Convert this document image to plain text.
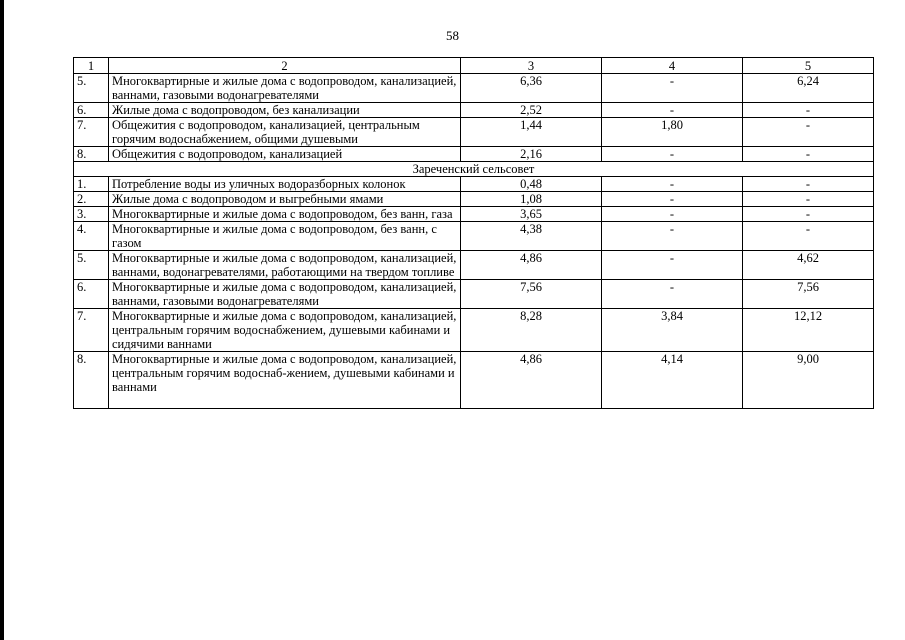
58
1	2	3	4	5
5.	Многоквартирные и жилые дома с водопроводом, канализацией, ваннами, газовыми водонагревателями	6,36	-	6,24
6.	Жилые дома с водопроводом, без канализации	2,52	-	-
7.	Общежития с водопроводом, канализацией, центральным горячим водоснабжением, общими душевыми	1,44	1,80	-
8.	Общежития с водопроводом, канализацией	2,16	-	-
Зареченский сельсовет				
1.	Потребление воды из уличных водоразборных колонок	0,48	-	-
2.	Жилые дома с водопроводом и выгребными ямами	1,08	-	-
3.	Многоквартирные и жилые дома с водопроводом, без ванн, газа	3,65	-	-
4.	Многоквартирные и жилые дома с водопроводом, без ванн, с газом	4,38	-	-
5.	Многоквартирные и жилые дома с водопроводом, канализацией, ваннами, водонагревателями, работающими на твердом топливе	4,86	-	4,62
6.	Многоквартирные и жилые дома с водопроводом, канализацией, ваннами, газовыми водонагревателями	7,56	-	7,56
7.	Многоквартирные и жилые дома с водопроводом, канализацией, центральным горячим водоснабжением, душевыми кабинами и сидячими ваннами	8,28	3,84	12,12
8.	Многоквартирные и жилые дома с водопроводом, канализацией, центральным горячим водоснаб-жением, душевыми кабинами и ваннами	4,86	4,14	9,00
